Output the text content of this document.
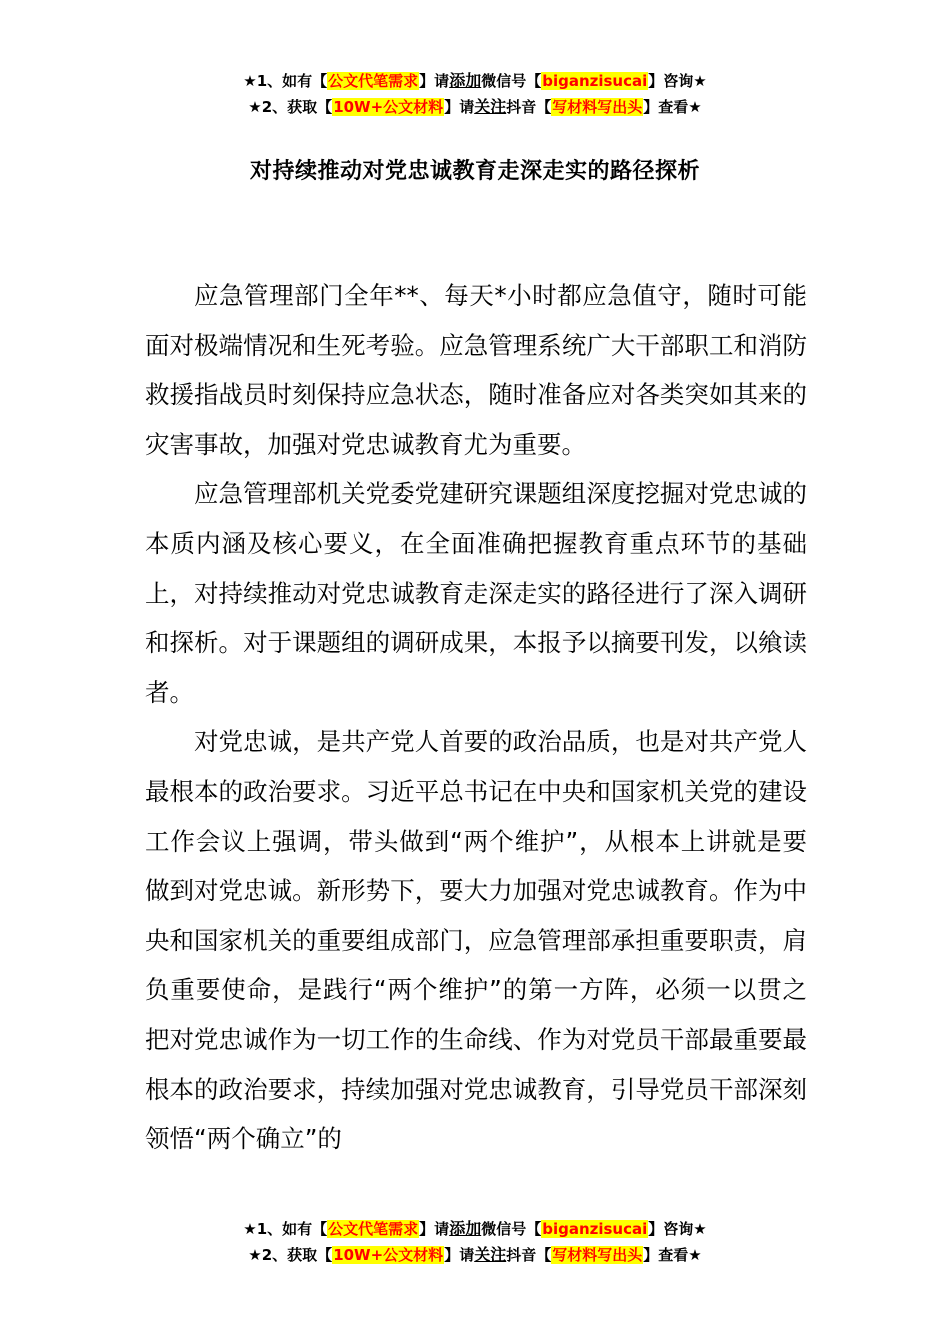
★1、如有【公文代笔需求】请添加微信号【biganzisucai】咨询★
★2、获取【10W+公文材料】请关注抖音【写材料写出头】查看★
对持续推动对党忠诚教育走深走实的路径探析

应急管理部门全年**、每天*小时都应急值守，随时可能面对极端情况和生死考验。应急管理系统广大干部职工和消防救援指战员时刻保持应急状态，随时准备应对各类突如其来的灾害事故，加强对党忠诚教育尤为重要。

应急管理部机关党委党建研究课题组深度挖掘对党忠诚的本质内涵及核心要义，在全面准确把握教育重点环节的基础上，对持续推动对党忠诚教育走深走实的路径进行了深入调研和探析。对于课题组的调研成果，本报予以摘要刊发，以飨读者。

对党忠诚，是共产党人首要的政治品质，也是对共产党人最根本的政治要求。习近平总书记在中央和国家机关党的建设工作会议上强调，带头做到“两个维护”，从根本上讲就是要做到对党忠诚。新形势下，要大力加强对党忠诚教育。作为中央和国家机关的重要组成部门，应急管理部承担重要职责，肩负重要使命，是践行“两个维护”的第一方阵，必须一以贯之把对党忠诚作为一切工作的生命线、作为对党员干部最重要最根本的政治要求，持续加强对党忠诚教育，引导党员干部深刻领悟“两个确立”的

★1、如有【公文代笔需求】请添加微信号【biganzisucai】咨询★
★2、获取【10W+公文材料】请关注抖音【写材料写出头】查看★
